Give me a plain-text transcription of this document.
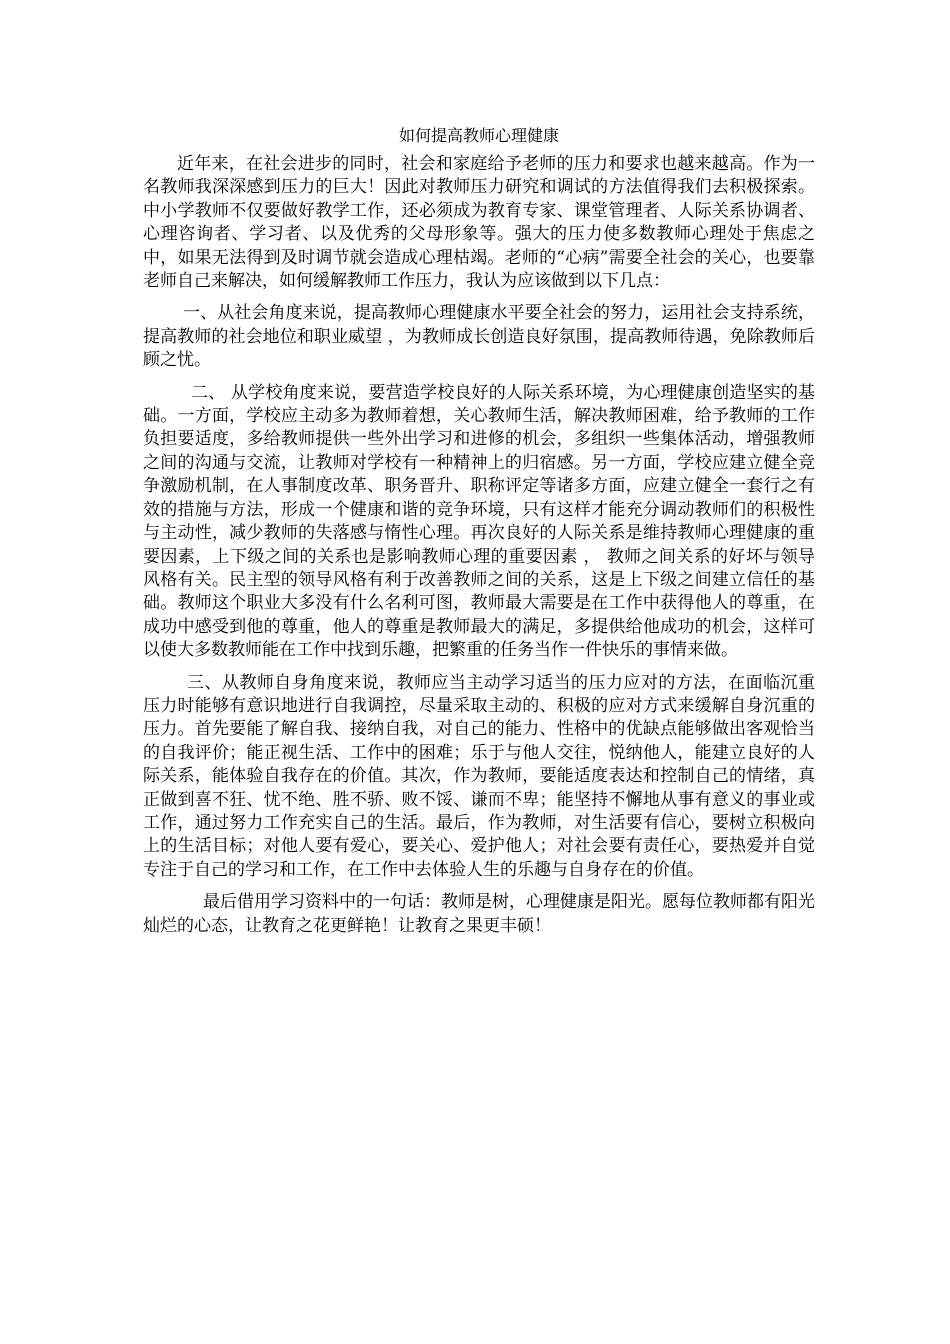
如何提高教师心理健康

近年来，在社会进步的同时，社会和家庭给予老师的压力和要求也越来越高。作为一名教师我深深感到压力的巨大！因此对教师压力研究和调试的方法值得我们去积极探索。中小学教师不仅要做好教学工作，还必须成为教育专家、课堂管理者、人际关系协调者、心理咨询者、学习者、以及优秀的父母形象等。强大的压力使多数教师心理处于焦虑之中，如果无法得到及时调节就会造成心理枯竭。老师的“心病”需要全社会的关心，也要靠老师自己来解决，如何缓解教师工作压力，我认为应该做到以下几点：

一、从社会角度来说，提高教师心理健康水平要全社会的努力，运用社会支持系统，提高教师的社会地位和职业威望 ，为教师成长创造良好氛围，提高教师待遇，免除教师后顾之忧。

二、 从学校角度来说，要营造学校良好的人际关系环境，为心理健康创造坚实的基础。一方面，学校应主动多为教师着想，关心教师生活，解决教师困难，给予教师的工作负担要适度，多给教师提供一些外出学习和进修的机会，多组织一些集体活动，增强教师之间的沟通与交流，让教师对学校有一种精神上的归宿感。另一方面，学校应建立健全竞争激励机制，在人事制度改革、职务晋升、职称评定等诸多方面，应建立健全一套行之有效的措施与方法，形成一个健康和谐的竞争环境，只有这样才能充分调动教师们的积极性与主动性，减少教师的失落感与惰性心理。再次良好的人际关系是维持教师心理健康的重要因素，上下级之间的关系也是影响教师心理的重要因素 ， 教师之间关系的好坏与领导风格有关。民主型的领导风格有利于改善教师之间的关系，这是上下级之间建立信任的基础。教师这个职业大多没有什么名利可图，教师最大需要是在工作中获得他人的尊重，在成功中感受到他的尊重，他人的尊重是教师最大的满足，多提供给他成功的机会，这样可以使大多数教师能在工作中找到乐趣，把繁重的任务当作一件快乐的事情来做。

三、从教师自身角度来说，教师应当主动学习适当的压力应对的方法，在面临沉重压力时能够有意识地进行自我调控，尽量采取主动的、积极的应对方式来缓解自身沉重的压力。首先要能了解自我、接纳自我，对自己的能力、性格中的优缺点能够做出客观恰当的自我评价；能正视生活、工作中的困难；乐于与他人交往，悦纳他人，能建立良好的人际关系，能体验自我存在的价值。其次，作为教师，要能适度表达和控制自己的情绪，真正做到喜不狂、忧不绝、胜不骄、败不馁、谦而不卑；能坚持不懈地从事有意义的事业或工作，通过努力工作充实自己的生活。最后，作为教师，对生活要有信心，要树立积极向上的生活目标；对他人要有爱心，要关心、爱护他人；对社会要有责任心，要热爱并自觉专注于自己的学习和工作，在工作中去体验人生的乐趣与自身存在的价值。

最后借用学习资料中的一句话：教师是树，心理健康是阳光。愿每位教师都有阳光灿烂的心态，让教育之花更鲜艳！让教育之果更丰硕！
